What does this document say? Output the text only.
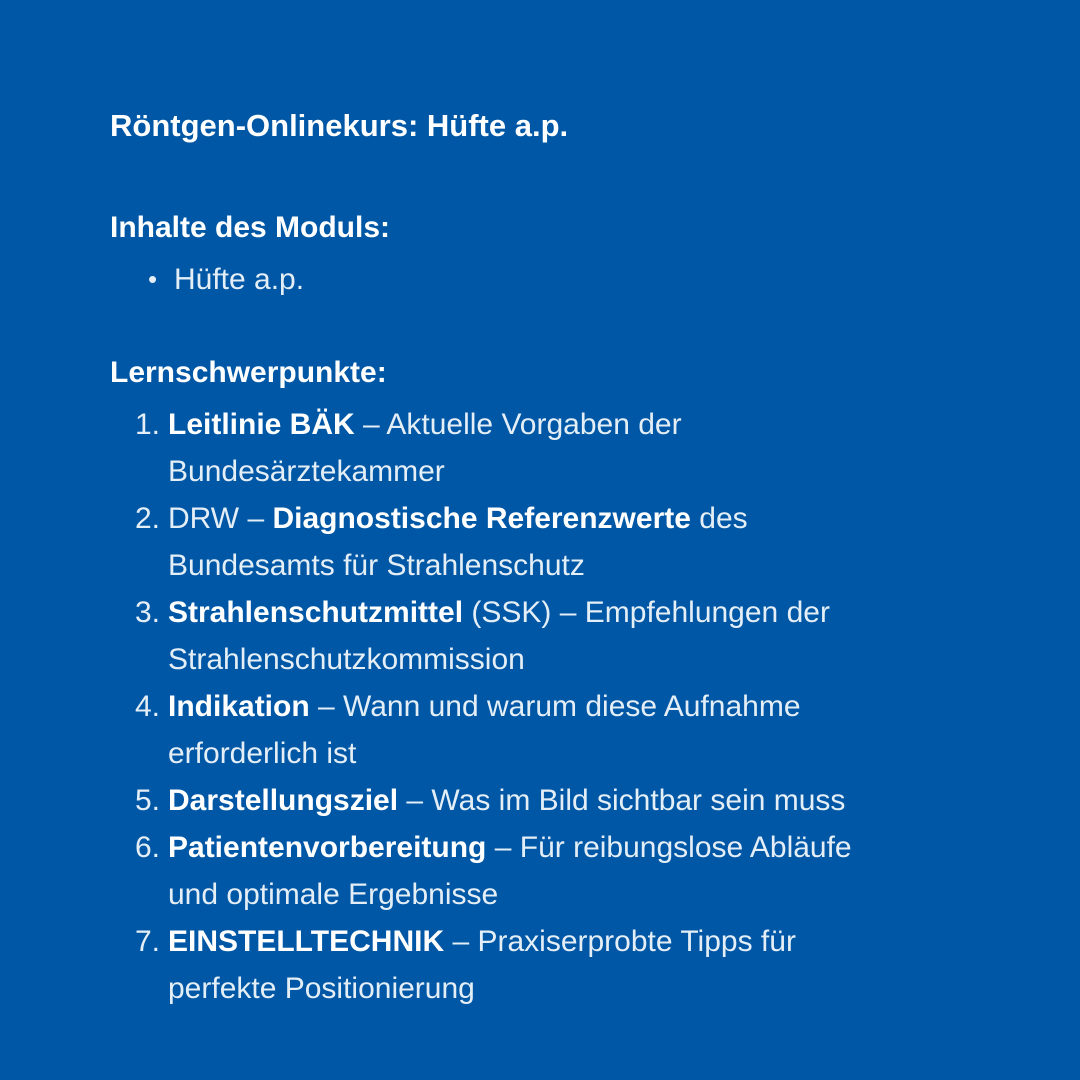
Röntgen-Onlinekurs: Hüfte a.p.
Inhalte des Moduls:
• Hüfte a.p.
Lernschwerpunkte:
1. Leitlinie BÄK – Aktuelle Vorgaben der
Bundesärztekammer
2. DRW – Diagnostische Referenzwerte des
Bundesamts für Strahlenschutz
3. Strahlenschutzmittel (SSK) – Empfehlungen der
Strahlenschutzkommission
4. Indikation – Wann und warum diese Aufnahme
erforderlich ist
5. Darstellungsziel – Was im Bild sichtbar sein muss
6. Patientenvorbereitung – Für reibungslose Abläufe
und optimale Ergebnisse
7. EINSTELLTECHNIK – Praxiserprobte Tipps für
perfekte Positionierung
